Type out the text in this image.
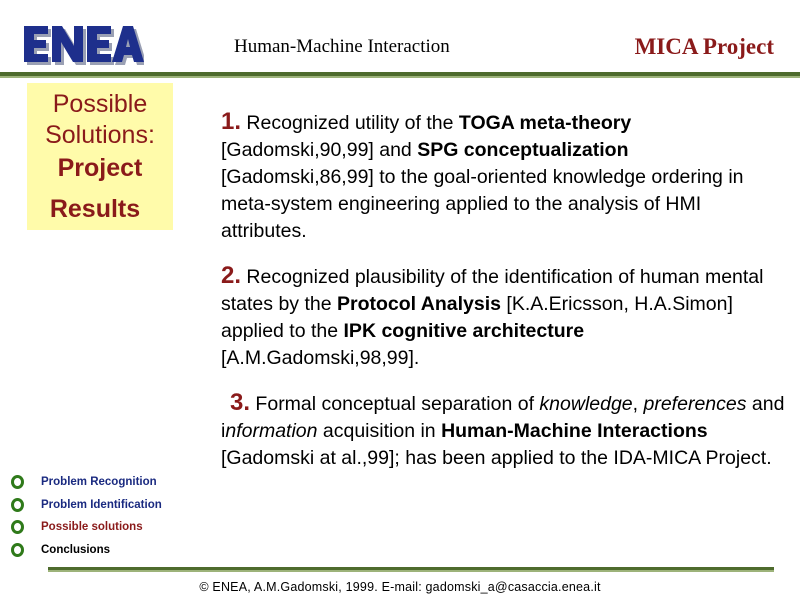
Human-Machine Interaction	MICA Project
Possible
Solutions:
Project
Results

1. Recognized utility of the TOGA meta-theory [Gadomski,90,99] and SPG conceptualization [Gadomski,86,99] to the goal-oriented knowledge ordering in meta-system engineering applied to the analysis of HMI attributes.

2. Recognized plausibility of the identification of human mental states by the Protocol Analysis [K.A.Ericsson, H.A.Simon] applied to the IPK cognitive architecture [A.M.Gadomski,98,99].

3. Formal conceptual separation of knowledge, preferences and information acquisition in Human-Machine Interactions [Gadomski at al.,99]; has been applied to the IDA-MICA Project.

Problem Recognition
Problem Identification
Possible solutions
Conclusions
© ENEA, A.M.Gadomski, 1999. E-mail: gadomski_a@casaccia.enea.it
